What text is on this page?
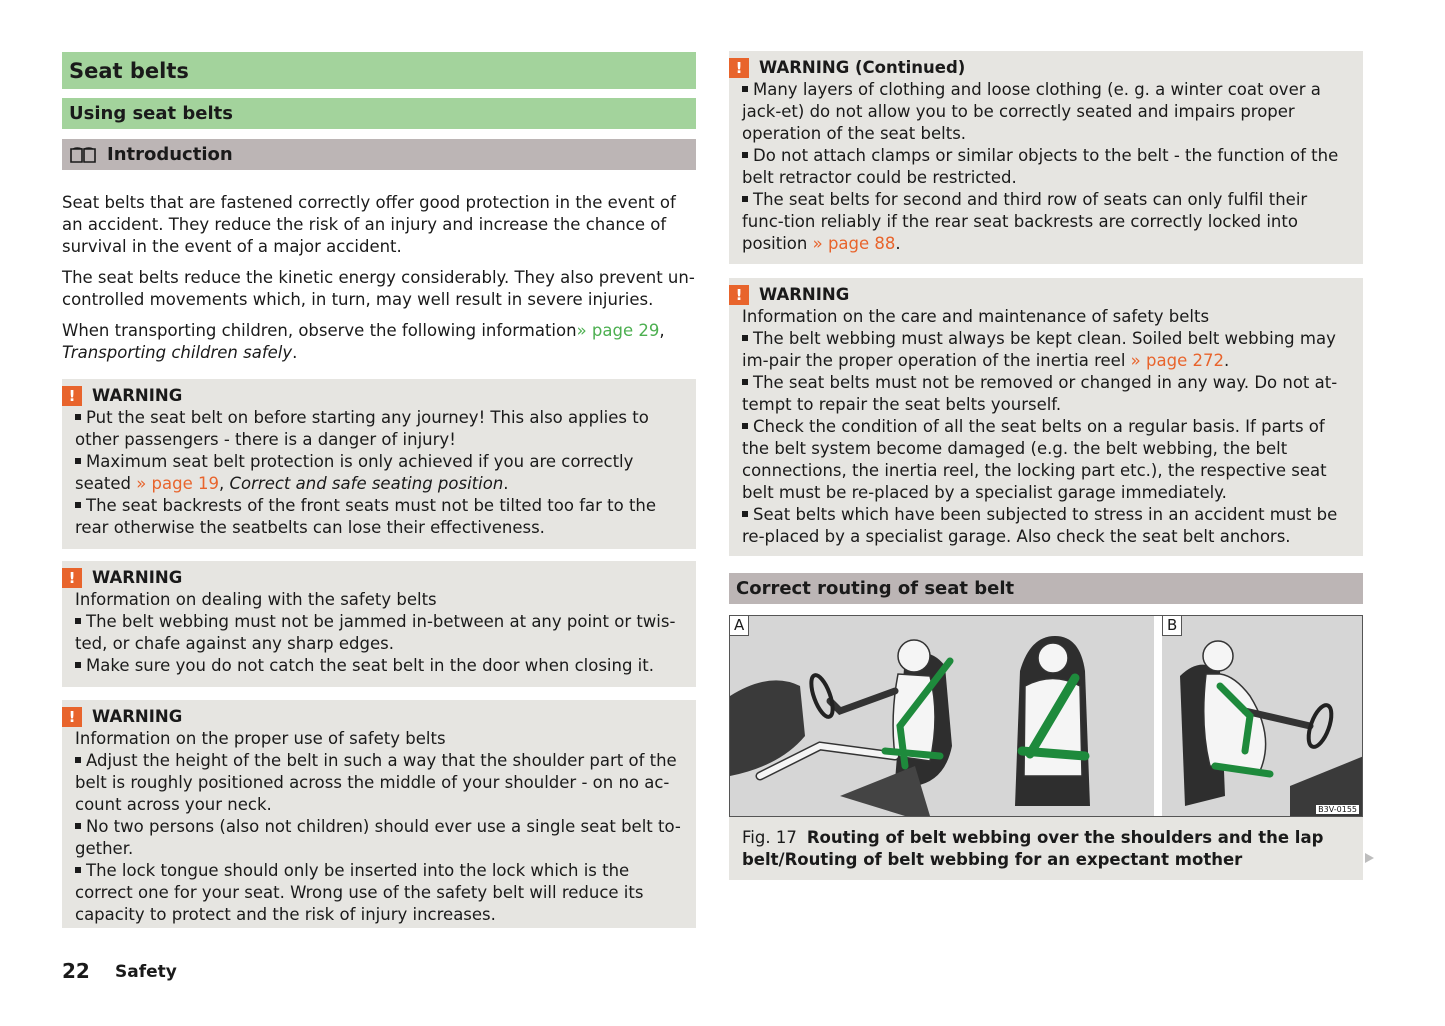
Seat belts
Using seat belts
Introduction

Seat belts that are fastened correctly offer good protection in the event of an accident. They reduce the risk of an injury and increase the chance of survival in the event of a major accident.

The seat belts reduce the kinetic energy considerably. They also prevent un-controlled movements which, in turn, may well result in severe injuries.

When transporting children, observe the following information» page 29, Transporting children safely.

!	WARNING
Put the seat belt on before starting any journey! This also applies to other passengers - there is a danger of injury!
Maximum seat belt protection is only achieved if you are correctly seated » page 19, Correct and safe seating position.
The seat backrests of the front seats must not be tilted too far to the rear otherwise the seatbelts can lose their effectiveness.
!	WARNING
Information on dealing with the safety belts
The belt webbing must not be jammed in-between at any point or twis-ted, or chafe against any sharp edges.
Make sure you do not catch the seat belt in the door when closing it.
!	WARNING
Information on the proper use of safety belts
Adjust the height of the belt in such a way that the shoulder part of the belt is roughly positioned across the middle of your shoulder - on no ac-count across your neck.
No two persons (also not children) should ever use a single seat belt to-gether.
The lock tongue should only be inserted into the lock which is the correct one for your seat. Wrong use of the safety belt will reduce its capacity to protect and the risk of injury increases.
22 Safety
!	WARNING (Continued)
Many layers of clothing and loose clothing (e. g. a winter coat over a jack-et) do not allow you to be correctly seated and impairs proper operation of the seat belts.
Do not attach clamps or similar objects to the belt - the function of the belt retractor could be restricted.
The seat belts for second and third row of seats can only fulfil their func-tion reliably if the rear seat backrests are correctly locked into position » page 88.
!	WARNING
Information on the care and maintenance of safety belts
The belt webbing must always be kept clean. Soiled belt webbing may im-pair the proper operation of the inertia reel » page 272.
The seat belts must not be removed or changed in any way. Do not at-tempt to repair the seat belts yourself.
Check the condition of all the seat belts on a regular basis. If parts of the belt system become damaged (e.g. the belt webbing, the belt connections, the inertia reel, the locking part etc.), the respective seat belt must be re-placed by a specialist garage immediately.
Seat belts which have been subjected to stress in an accident must be re-placed by a specialist garage. Also check the seat belt anchors.
Correct routing of seat belt
A	B
B3V-0155
Fig. 17 Routing of belt webbing over the shoulders and the lap belt/Routing of belt webbing for an expectant mother
